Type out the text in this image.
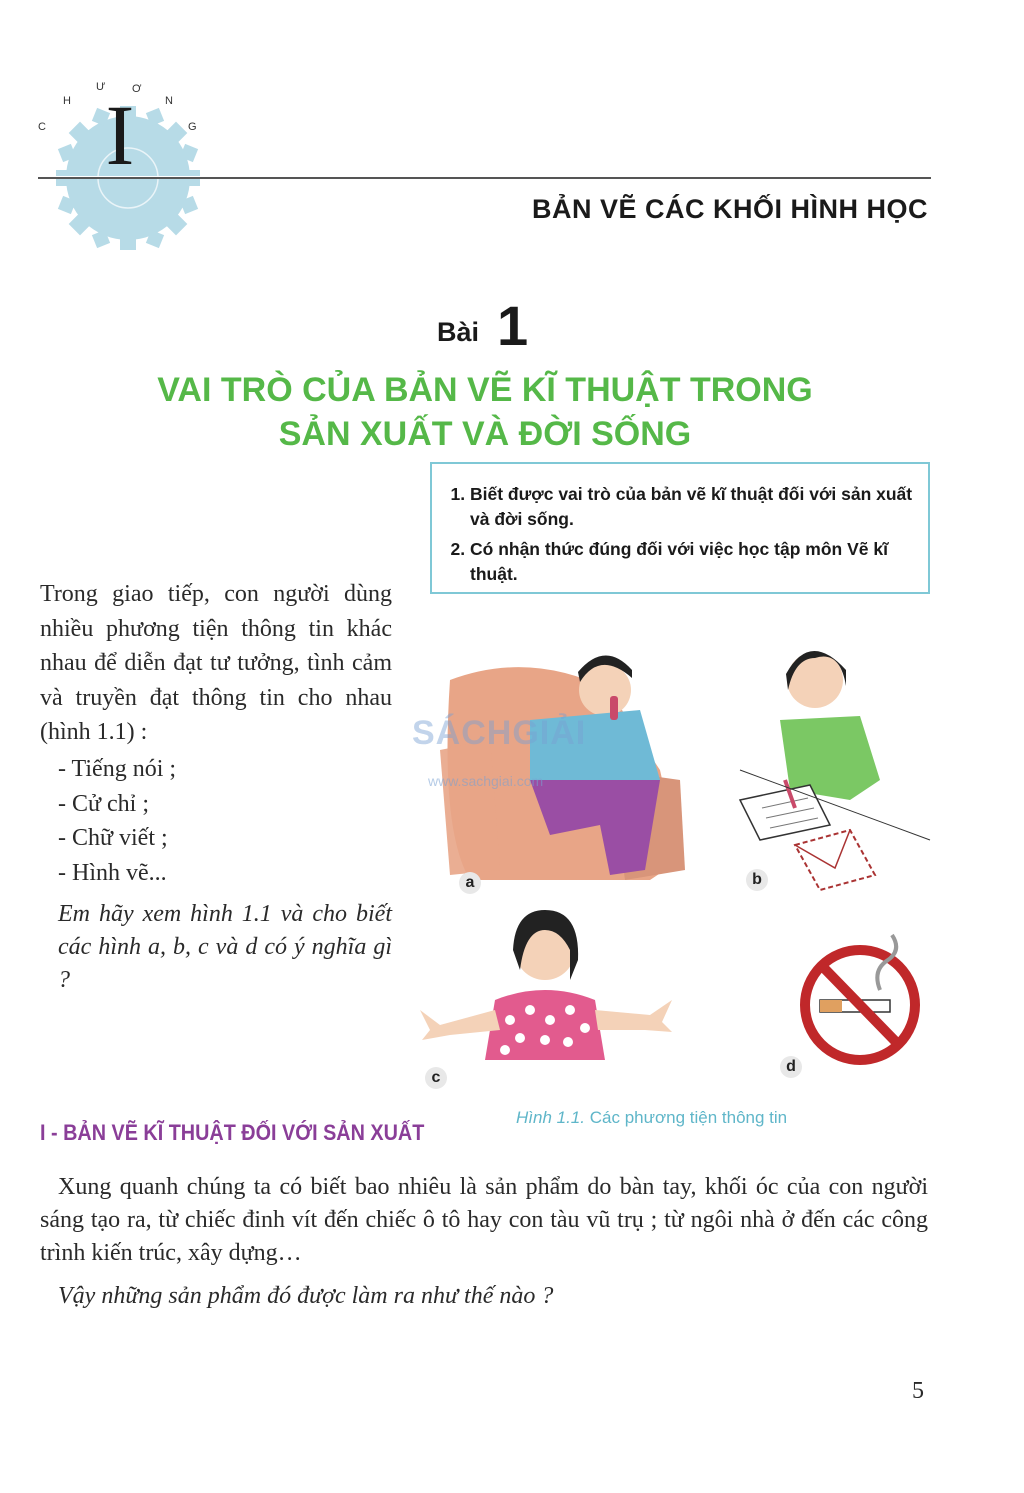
C
H
Ư Ơ
N
G
I
BẢN VẼ CÁC KHỐI HÌNH HỌC
Bài 1
VAI TRÒ CỦA BẢN VẼ KĨ THUẬT TRONG
SẢN XUẤT VÀ ĐỜI SỐNG
1. Biết được vai trò của bản vẽ kĩ thuật đối với sản xuất và đời sống.
2. Có nhận thức đúng đối với việc học tập môn Vẽ kĩ thuật.
Trong giao tiếp, con người dùng nhiều phương tiện thông tin khác nhau để diễn đạt tư tưởng, tình cảm và truyền đạt thông tin cho nhau (hình 1.1) :
- Tiếng nói ;
- Cử chỉ ;
- Chữ viết ;
- Hình vẽ...
Em hãy xem hình 1.1 và cho biết các hình a, b, c và d có ý nghĩa gì ?
a	b
c
d
SÁCHGIẢI
www.sachgiai.com
Hình 1.1. Các phương tiện thông tin
I - BẢN VẼ KĨ THUẬT ĐỐI VỚI SẢN XUẤT
Xung quanh chúng ta có biết bao nhiêu là sản phẩm do bàn tay, khối óc của con người sáng tạo ra, từ chiếc đinh vít đến chiếc ô tô hay con tàu vũ trụ ; từ ngôi nhà ở đến các công trình kiến trúc, xây dựng…
Vậy những sản phẩm đó được làm ra như thế nào ?
5
